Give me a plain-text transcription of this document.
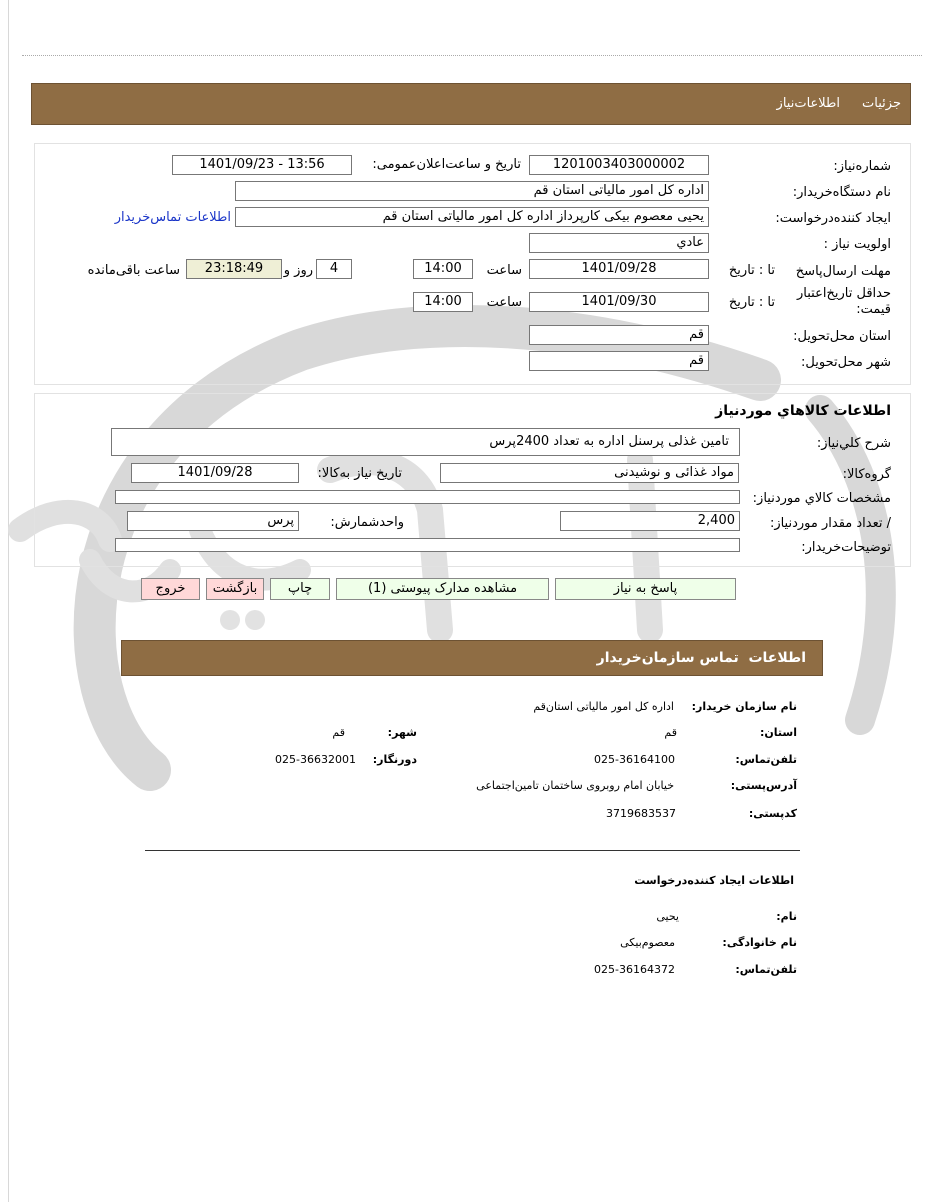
جزئیات
اطلاعات‌نیاز
شماره‌نیاز:
1201003403000002
تاریخ و ساعت‌اعلان‌عمومی:
1401/09/23 - 13:56
نام دستگاه‌خریدار:
اداره کل امور مالیاتی استان قم
ایجاد کننده‌درخواست:
یحیی معصوم بیکی کارپرداز اداره کل امور مالیاتی استان قم
اطلاعات تماس‌خریدار
اولویت نیاز :
عادي
مهلت ارسال‌پاسخ
تا : تاریخ
1401/09/28
ساعت
14:00
4
روز و
23:18:49
ساعت باقی‌مانده
حداقل تاریخ‌اعتبار قیمت:
تا : تاریخ
1401/09/30
ساعت
14:00
استان محل‌تحویل:
قم
شهر محل‌تحویل:
قم
اطلاعات کالاهاي موردنیاز
شرح کلي‌نیاز:
تامین غذلی پرسنل اداره به تعداد 2400پرس
گروه‌کالا:
مواد غذائی و نوشیدنی
تاریخ نیاز به‌کالا:
1401/09/28
مشخصات کالاي مورد‌نیاز:
/ تعداد مقدار مورد‌نیاز:
2,400
واحد‌شمارش:
پرس
توضیحات‌خریدار:
پاسخ به نیاز
مشاهده مدارک پیوستی (1)
چاپ
بازگشت
خروج
اطلاعات  تماس سازمان‌خریدار
نام سازمان خریدار:
اداره کل امور مالیاتی استان‌قم
استان:
قم
شهر:
قم
تلفن‌تماس:
025-36164100
دورنگار:
025-36632001
آدرس‌پستی:
خیابان امام روبروی ساختمان تامین‌اجتماعی
کد‌پستی:
3719683537
اطلاعات ایجاد کننده‌درخواست
نام:
یحیی
نام خانوادگی:
معصوم‌بیکی
تلفن‌تماس:
025-36164372
